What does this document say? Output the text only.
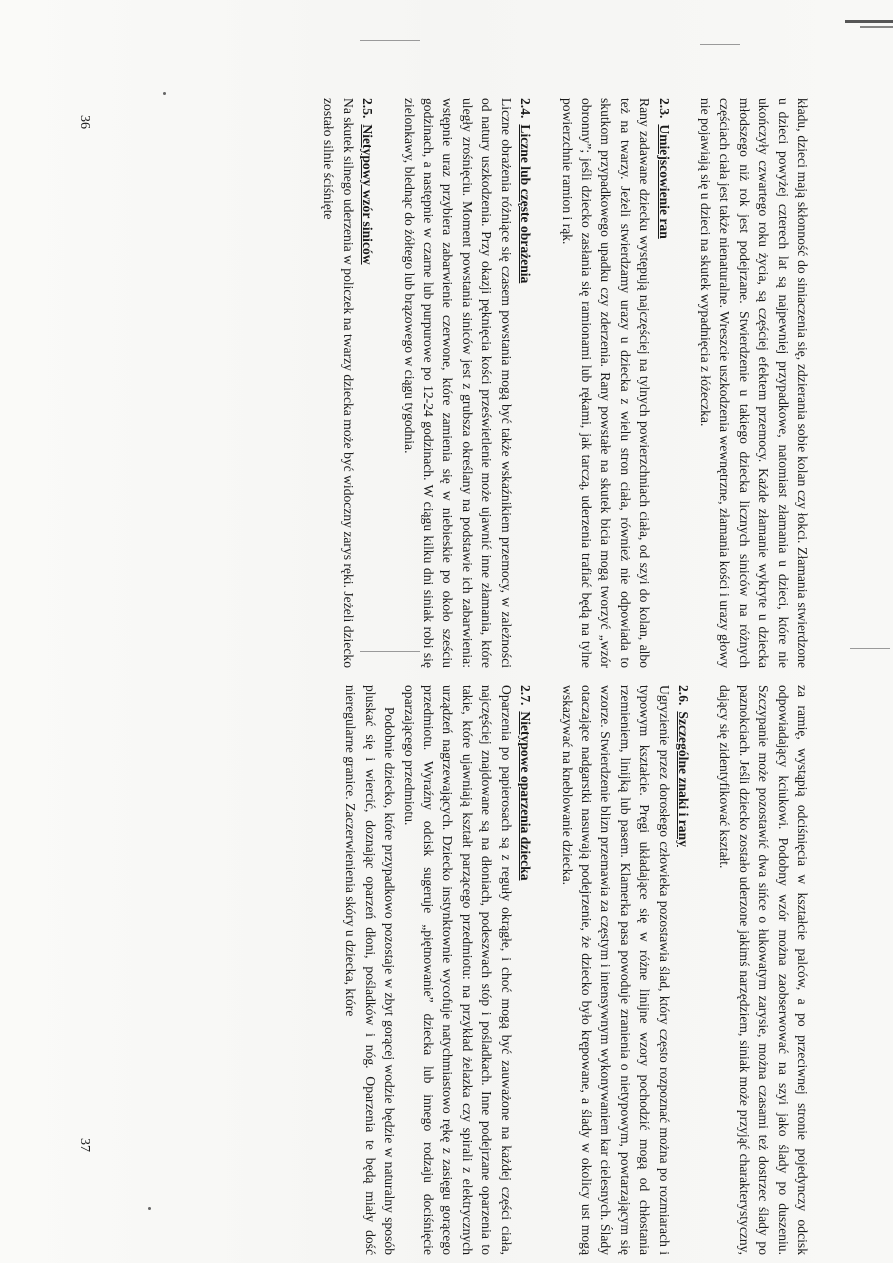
kładu, dzieci mają skłonność do siniaczenia się, zdzierania sobie kolan czy łokci. Złamania stwierdzone u dzieci powyżej czterech lat są najpewniej przypadkowe, natomiast złamania u dzieci, które nie ukończyły czwartego roku życia, są częściej efektem przemocy. Każde złamanie wykryte u dziecka młodszego niż rok jest podejrzane. Stwierdzenie u takiego dziecka licznych siniców na różnych częściach ciała jest także nienaturalne. Wreszcie uszkodzenia wewnętrzne, złamania kości i urazy głowy nie pojawiają się u dzieci na skutek wypadnięcia z łóżeczka.

2.3.Umiejscowienie ran

Rany zadawane dziecku występują najczęściej na tylnych powierzchniach ciała, od szyi do kolan, albo też na twarzy. Jeżeli stwierdzamy urazy u dziecka z wielu stron ciała, również nie odpowiada to skutkom przypadkowego upadku czy zderzenia. Rany powstałe na skutek bicia mogą tworzyć „wzór obronny”; jeśli dziecko zasłania się ramionami lub rękami, jak tarczą, uderzenia trafiać będą na tylne powierzchnie ramion i rąk.

2.4.Liczne lub częste obrażenia

Liczne obrażenia różniące się czasem powstania mogą być także wskaźnikiem przemocy, w zależności od natury uszkodzenia. Przy okazji pęknięcia kości prześwietlenie może ujawnić inne złamania, które uległy zrośnięciu. Moment powstania siniców jest z grubsza określany na podstawie ich zabarwienia: wstępnie uraz przybiera zabarwienie czerwone, które zamienia się w niebieskie po około sześciu godzinach, a następnie w czarne lub purpurowe po 12-24 godzinach. W ciągu kilku dni siniak robi się zielonkawy, blednąc do żółtego lub brązowego w ciągu tygodnia.

2.5.Nietypowy wzór siniców

Na skutek silnego uderzenia w policzek na twarzy dziecka może być widoczny zarys ręki. Jeżeli dziecko zostało silnie ściśnięte

za ramię, wystąpią odciśnięcia w kształcie palców, a po przeciwnej stronie pojedynczy odcisk odpowiadający kciukowi. Podobny wzór można zaobserwować na szyi jako ślady po duszeniu. Szczypanie może pozostawić dwa sińce o łukowatym zarysie, można czasami też dostrzec ślady po paznokciach. Jeśli dziecko zostało uderzone jakimś narzędziem, siniak może przyjąć charakterystyczny, dający się zidentyfikować kształt.

2.6.Szczególne znaki i rany

Ugryzienie przez dorosłego człowieka pozostawia ślad, który często rozpoznać można po rozmiarach i typowym kształcie. Pręgi układające się w różne linijne wzory pochodzić mogą od chłostania rzemieniem, linijką lub pasem. Klamerka pasa powoduje zranienia o nietypowym, powtarzającym się wzorze. Stwierdzenie blizn przemawia za częstym i intensywnym wykonywaniem kar cielesnych. Ślady otaczające nadgarstki nasuwają podejrzenie, że dziecko było krępowane, a ślady w okolicy ust mogą wskazywać na kneblowanie dziecka.

2.7.Nietypowe oparzenia dziecka

Oparzenia po papierosach są z reguły okrągłe, i choć mogą być zauważone na każdej części ciała, najczęściej znajdowane są na dłoniach, podeszwach stóp i pośladkach. Inne podejrzane oparzenia to takie, które ujawniają kształt parzącego przedmiotu: na przykład żelazka czy spirali z elektrycznych urządzeń nagrzewających. Dziecko instynktownie wycofuje natychmiastowo rękę z zasięgu gorącego przedmiotu. Wyraźny odcisk sugeruje „piętnowanie” dziecka lub innego rodzaju dociśnięcie oparzającego przedmiotu.

Podobnie dziecko, które przypadkowo pozostaje w zbyt gorącej wodzie będzie w naturalny sposób pluskać się i wiercić, doznając oparzeń dłoni, pośladków i nóg. Oparzenia te będą miały dość nieregularne granice. Zaczerwienienia skóry u dziecka, które

36
37
